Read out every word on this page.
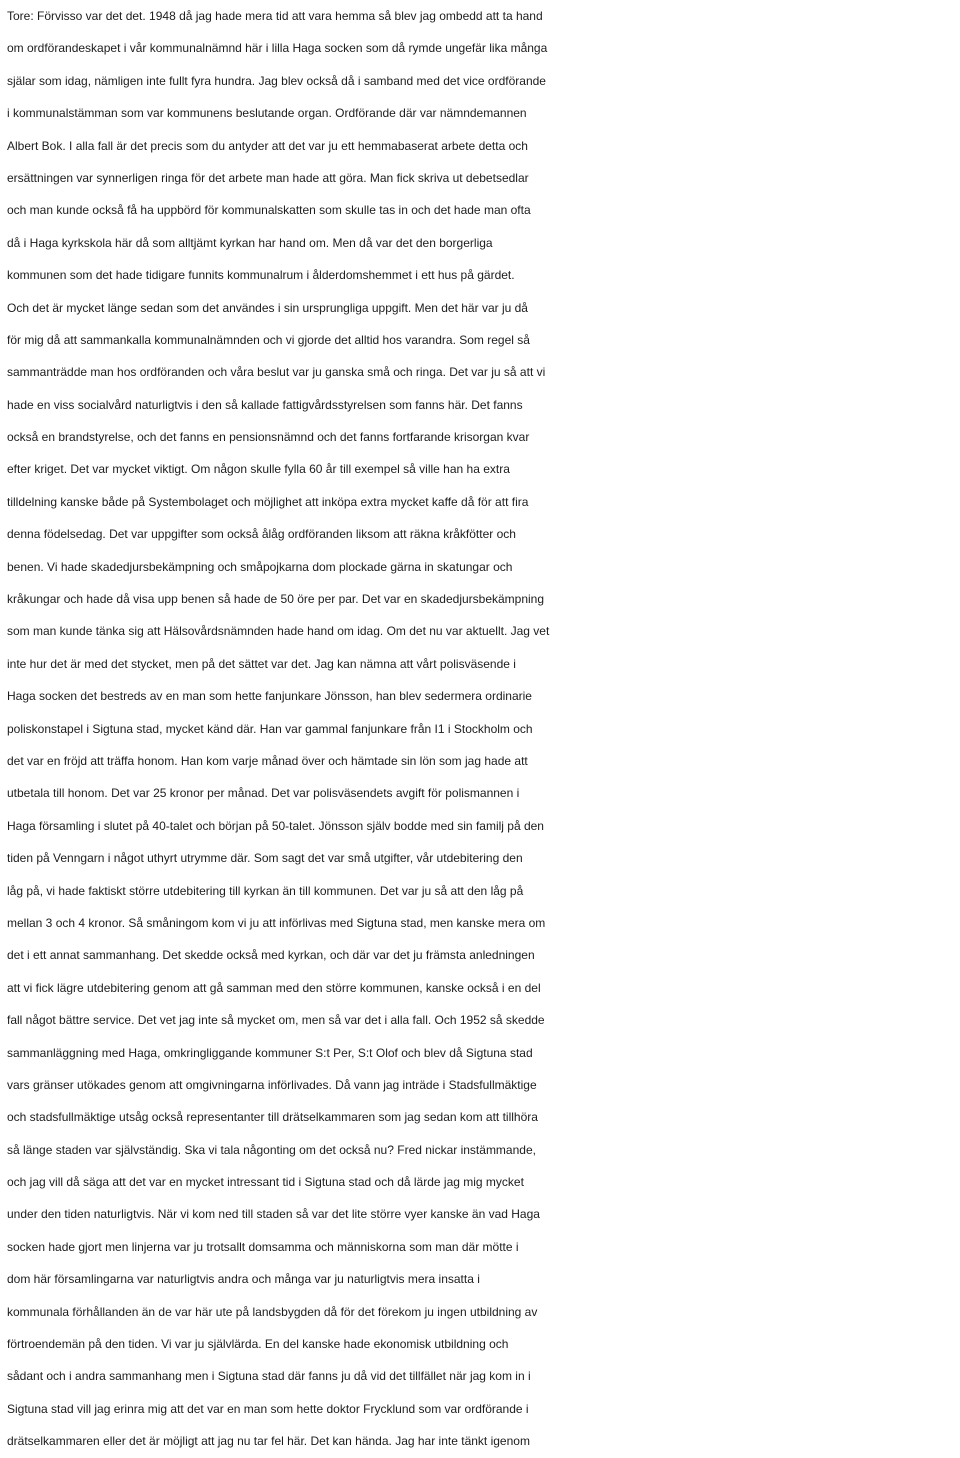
Tore: Förvisso var det det. 1948 då jag hade mera tid att vara hemma så blev jag ombedd att ta hand
om ordförandeskapet i vår kommunalnämnd här i lilla Haga socken som då rymde ungefär lika många
själar som idag, nämligen inte fullt fyra hundra. Jag blev också då i samband med det vice ordförande
i kommunalstämman som var kommunens beslutande organ. Ordförande där var nämndemannen
Albert Bok. I alla fall är det precis som du antyder att det var ju ett hemmabaserat arbete detta och
ersättningen var synnerligen ringa för det arbete man hade att göra. Man fick skriva ut debetsedlar
och man kunde också få ha uppbörd för kommunalskatten som skulle tas in och det hade man ofta
då i Haga kyrkskola här då som alltjämt kyrkan har hand om. Men då var det den borgerliga
kommunen som det hade tidigare funnits kommunalrum i ålderdomshemmet i ett hus på gärdet.
Och det är mycket länge sedan som det användes i sin ursprungliga uppgift. Men det här var ju då
för mig då att sammankalla kommunalnämnden och vi gjorde det alltid hos varandra. Som regel så
sammanträdde man hos ordföranden och våra beslut var ju ganska små och ringa. Det var ju så att vi
hade en viss socialvård naturligtvis i den så kallade fattigvårdsstyrelsen som fanns här. Det fanns
också en brandstyrelse, och det fanns en pensionsnämnd och det fanns fortfarande krisorgan kvar
efter kriget. Det var mycket viktigt. Om någon skulle fylla 60 år till exempel så ville han ha extra
tilldelning kanske både på Systembolaget och möjlighet att inköpa extra mycket kaffe då för att fira
denna födelsedag. Det var uppgifter som också ålåg ordföranden liksom att räkna kråkfötter och
benen. Vi hade skadedjursbekämpning och småpojkarna dom plockade gärna in skatungar och
kråkungar och hade då visa upp benen så hade de 50 öre per par. Det var en skadedjursbekämpning
som man kunde tänka sig att Hälsovårdsnämnden hade hand om idag. Om det nu var aktuellt. Jag vet
inte hur det är med det stycket, men på det sättet var det. Jag kan nämna att vårt polisväsende i
Haga socken det bestreds av en man som hette fanjunkare Jönsson, han blev sedermera ordinarie
poliskonstapel i Sigtuna stad, mycket känd där. Han var gammal fanjunkare från I1 i Stockholm och
det var en fröjd att träffa honom. Han kom varje månad över och hämtade sin lön som jag hade att
utbetala till honom. Det var 25 kronor per månad. Det var polisväsendets avgift för polismannen i
Haga församling i slutet på 40-talet och början på 50-talet. Jönsson själv bodde med sin familj på den
tiden på Venngarn i något uthyrt utrymme där. Som sagt det var små utgifter, vår utdebitering den
låg på, vi hade faktiskt större utdebitering till kyrkan än till kommunen. Det var ju så att den låg på
mellan 3 och 4 kronor. Så småningom kom vi ju att införlivas med Sigtuna stad, men kanske mera om
det i ett annat sammanhang. Det skedde också med kyrkan, och där var det ju främsta anledningen
att vi fick lägre utdebitering genom att gå samman med den större kommunen, kanske också i en del
fall något bättre service. Det vet jag inte så mycket om, men så var det i alla fall. Och 1952 så skedde
sammanläggning med Haga, omkringliggande kommuner S:t Per, S:t Olof och blev då Sigtuna stad
vars gränser utökades genom att omgivningarna införlivades. Då vann jag inträde i Stadsfullmäktige
och stadsfullmäktige utsåg också representanter till drätselkammaren som jag sedan kom att tillhöra
så länge staden var självständig. Ska vi tala någonting om det också nu? Fred nickar instämmande,
och jag vill då säga att det var en mycket intressant tid i Sigtuna stad och då lärde jag mig mycket
under den tiden naturligtvis. När vi kom ned till staden så var det lite större vyer kanske än vad Haga
socken hade gjort men linjerna var ju trotsallt domsamma och människorna som man där mötte i
dom här församlingarna var naturligtvis andra och många var ju naturligtvis mera insatta i
kommunala förhållanden än de var här ute på landsbygden då för det förekom ju ingen utbildning av
förtroendemän på den tiden. Vi var ju självlärda. En del kanske hade ekonomisk utbildning och
sådant och i andra sammanhang men i Sigtuna stad där fanns ju då vid det tillfället när jag kom in i
Sigtuna stad vill jag erinra mig att det var en man som hette doktor Frycklund som var ordförande i
drätselkammaren eller det är möjligt att jag nu tar fel här. Det kan hända. Jag har inte tänkt igenom
